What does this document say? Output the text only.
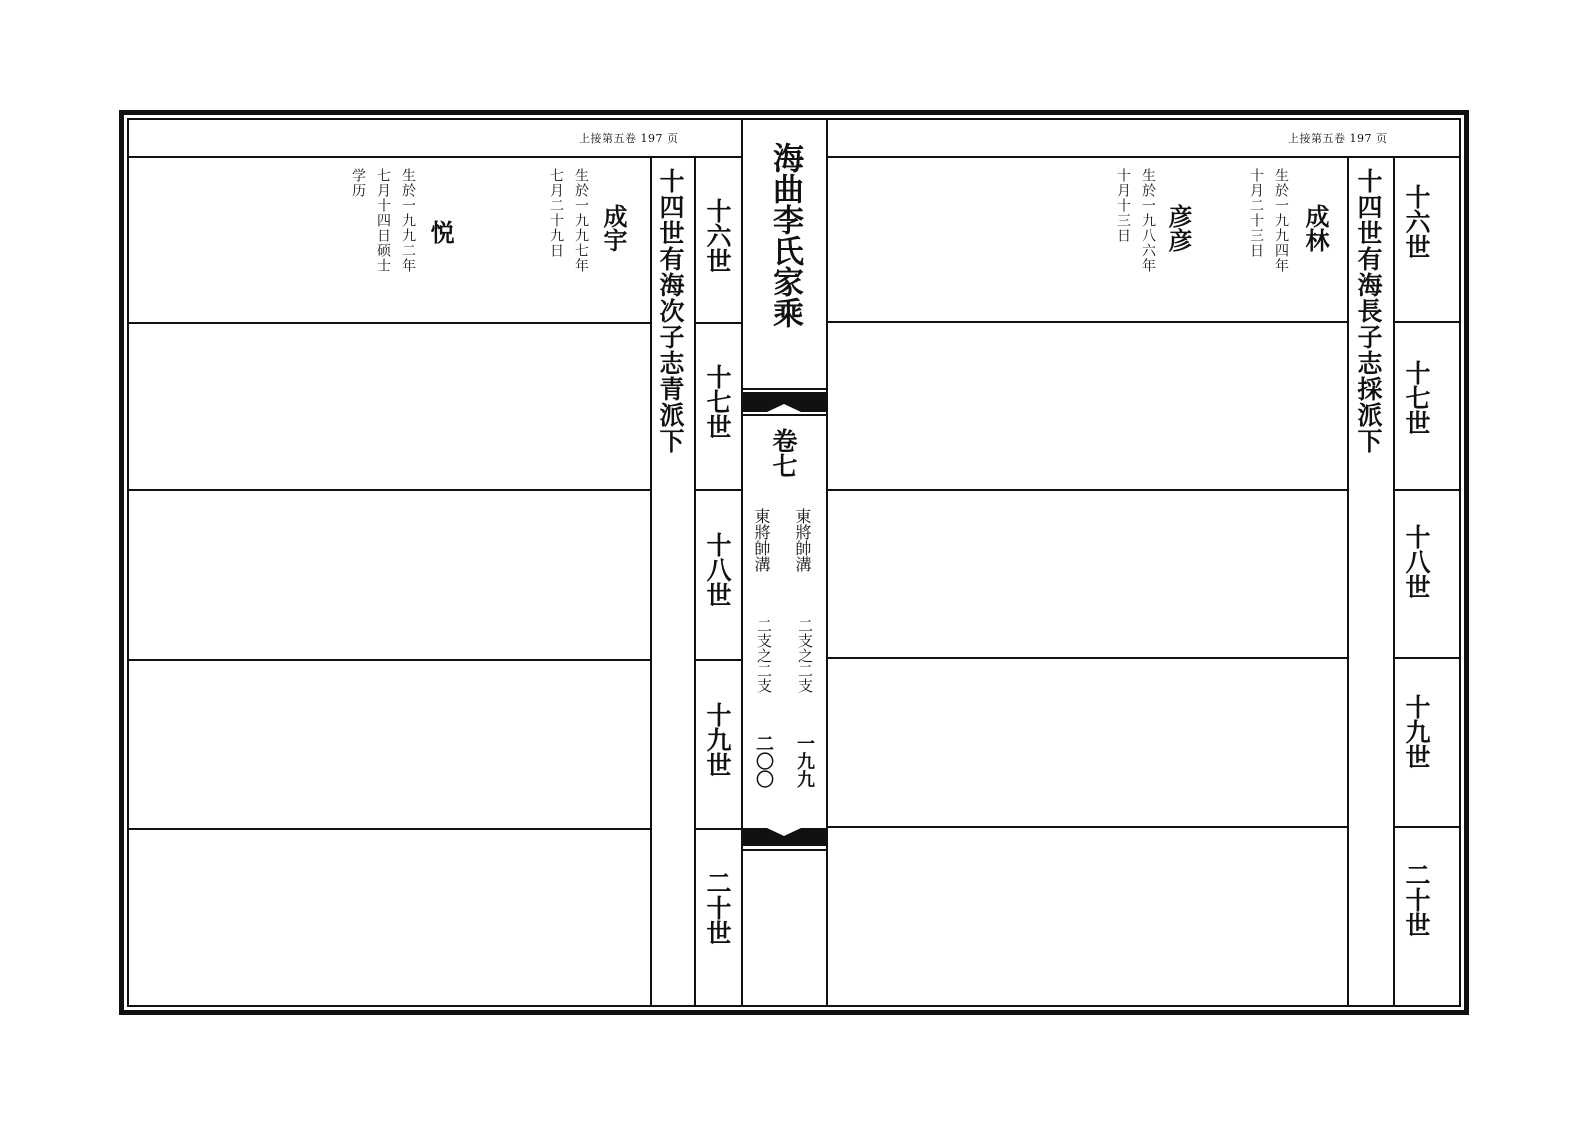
上接第五卷 197 页
十四世有海次子志青派下 十六世
十七世
十八世
十九世
二十世
成宇
生於一九九七年
七月二十九日
悦
生於一九九二年
七月十四日硕士
学历	海曲李氏家乘
卷七
東將帥溝
東將帥溝
二支之二支
二支之二支
一九九
二〇〇
上接第五卷 197 页
十四世有海長子志採派下 十六世
十七世
十八世
十九世
二十世
成林
生於一九九四年
十月二十三日
彦彦
生於一九八六年
十月十三日
